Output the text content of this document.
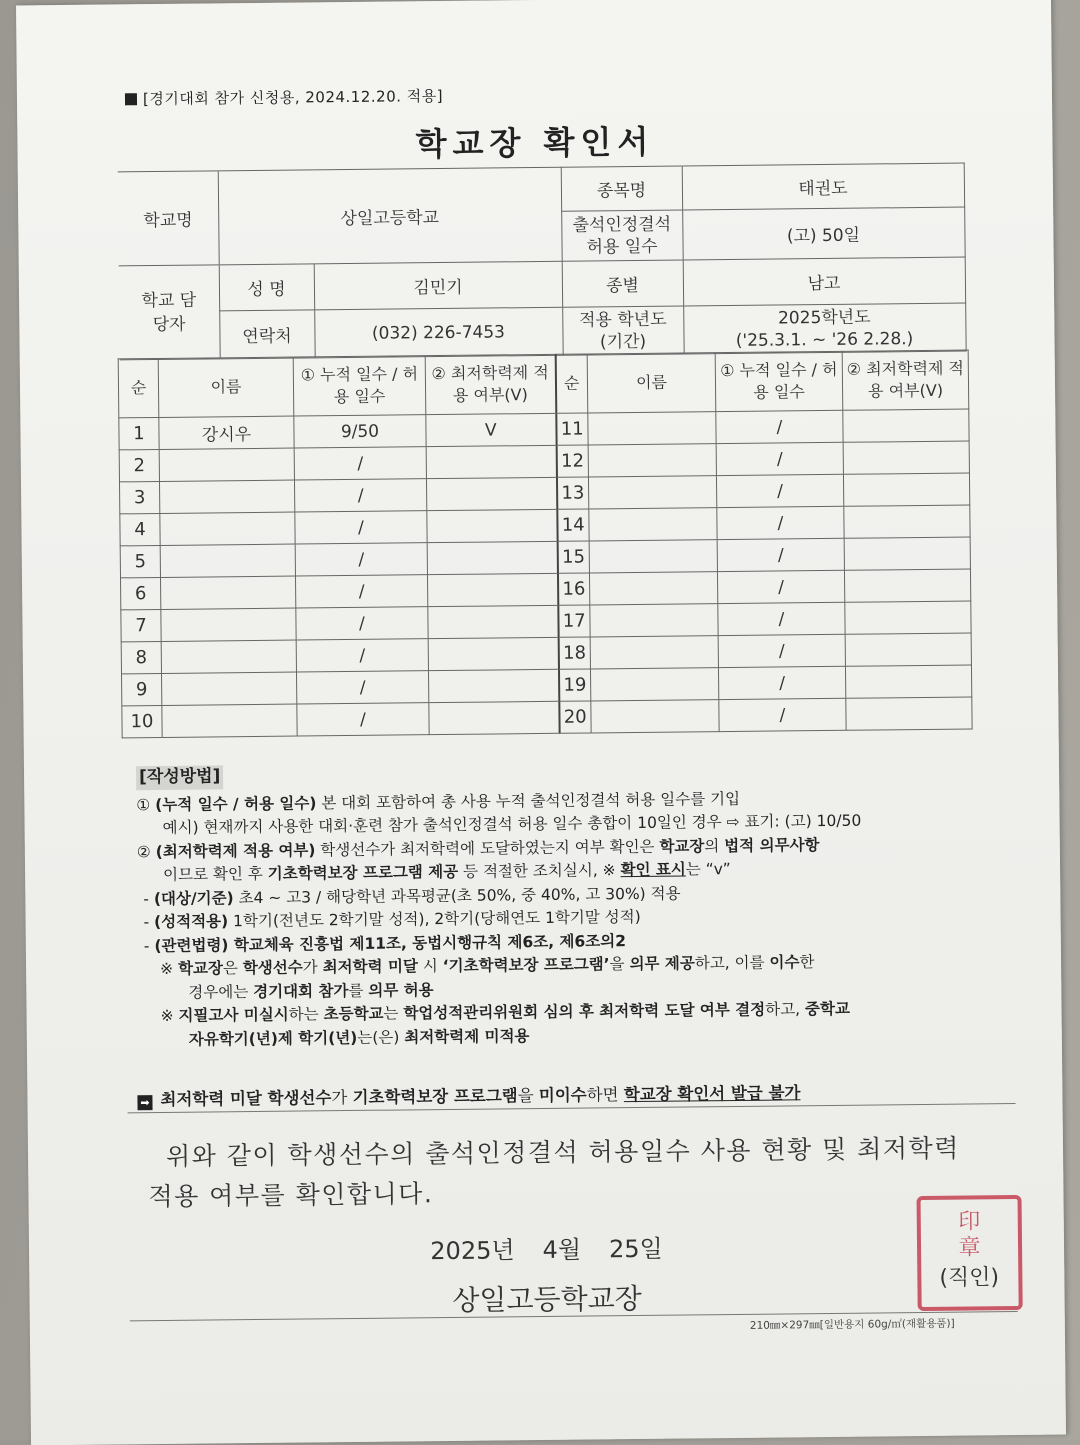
[경기대회 참가 신청용, 2024.12.20. 적용]
학교장 확인서
학교명	상일고등학교		종목명	태권도
			출석인정결석 허용 일수	(고) 50일
학교 담당자	성 명	김민기	종별	남고
	연락처	(032) 226-7453	적용 학년도 (기간)	2025학년도
('25.3.1. ~ '26 2.28.)
순	이름	① 누적 일수 / 허용 일수	② 최저학력제 적용 여부(V)	순	이름	① 누적 일수 / 허용 일수	② 최저학력제 적용 여부(V)
1	강시우	9/50	V	11		/	
2		/		12		/	
3		/		13		/	
4		/		14		/	
5		/		15		/	
6		/		16		/	
7		/		17		/	
8		/		18		/	
9		/		19		/	
10		/		20		/	
[작성방법]
① (누적 일수 / 허용 일수) 본 대회 포함하여 총 사용 누적 출석인정결석 허용 일수를 기입
예시) 현재까지 사용한 대회·훈련 참가 출석인정결석 허용 일수 총합이 10일인 경우 ⇨ 표기: (고) 10/50
② (최저학력제 적용 여부) 학생선수가 최저학력에 도달하였는지 여부 확인은 학교장의 법적 의무사항
이므로 확인 후 기초학력보장 프로그램 제공 등 적절한 조치실시, ※ 확인 표시는 “v”
- (대상/기준) 초4 ~ 고3 / 해당학년 과목평균(초 50%, 중 40%, 고 30%) 적용
- (성적적용) 1학기(전년도 2학기말 성적), 2학기(당해연도 1학기말 성적)
- (관련법령) 학교체육 진흥법 제11조, 동법시행규칙 제6조, 제6조의2
※ 학교장은 학생선수가 최저학력 미달 시 ‘기초학력보장 프로그램’을 의무 제공하고, 이를 이수한
경우에는 경기대회 참가를 의무 허용
※ 지필고사 미실시하는 초등학교는 학업성적관리위원회 심의 후 최저학력 도달 여부 결정하고, 중학교
자유학기(년)제 학기(년)는(은) 최저학력제 미적용
➡ 최저학력 미달 학생선수가 기초학력보장 프로그램을 미이수하면 학교장 확인서 발급 불가
위와 같이 학생선수의 출석인정결석 허용일수 사용 현황 및 최저학력
적용 여부를 확인합니다.
2025년 4월 25일
상일고등학교장
印
章
(직인)
210㎜×297㎜[일반용지 60g/㎡(재활용품)]
